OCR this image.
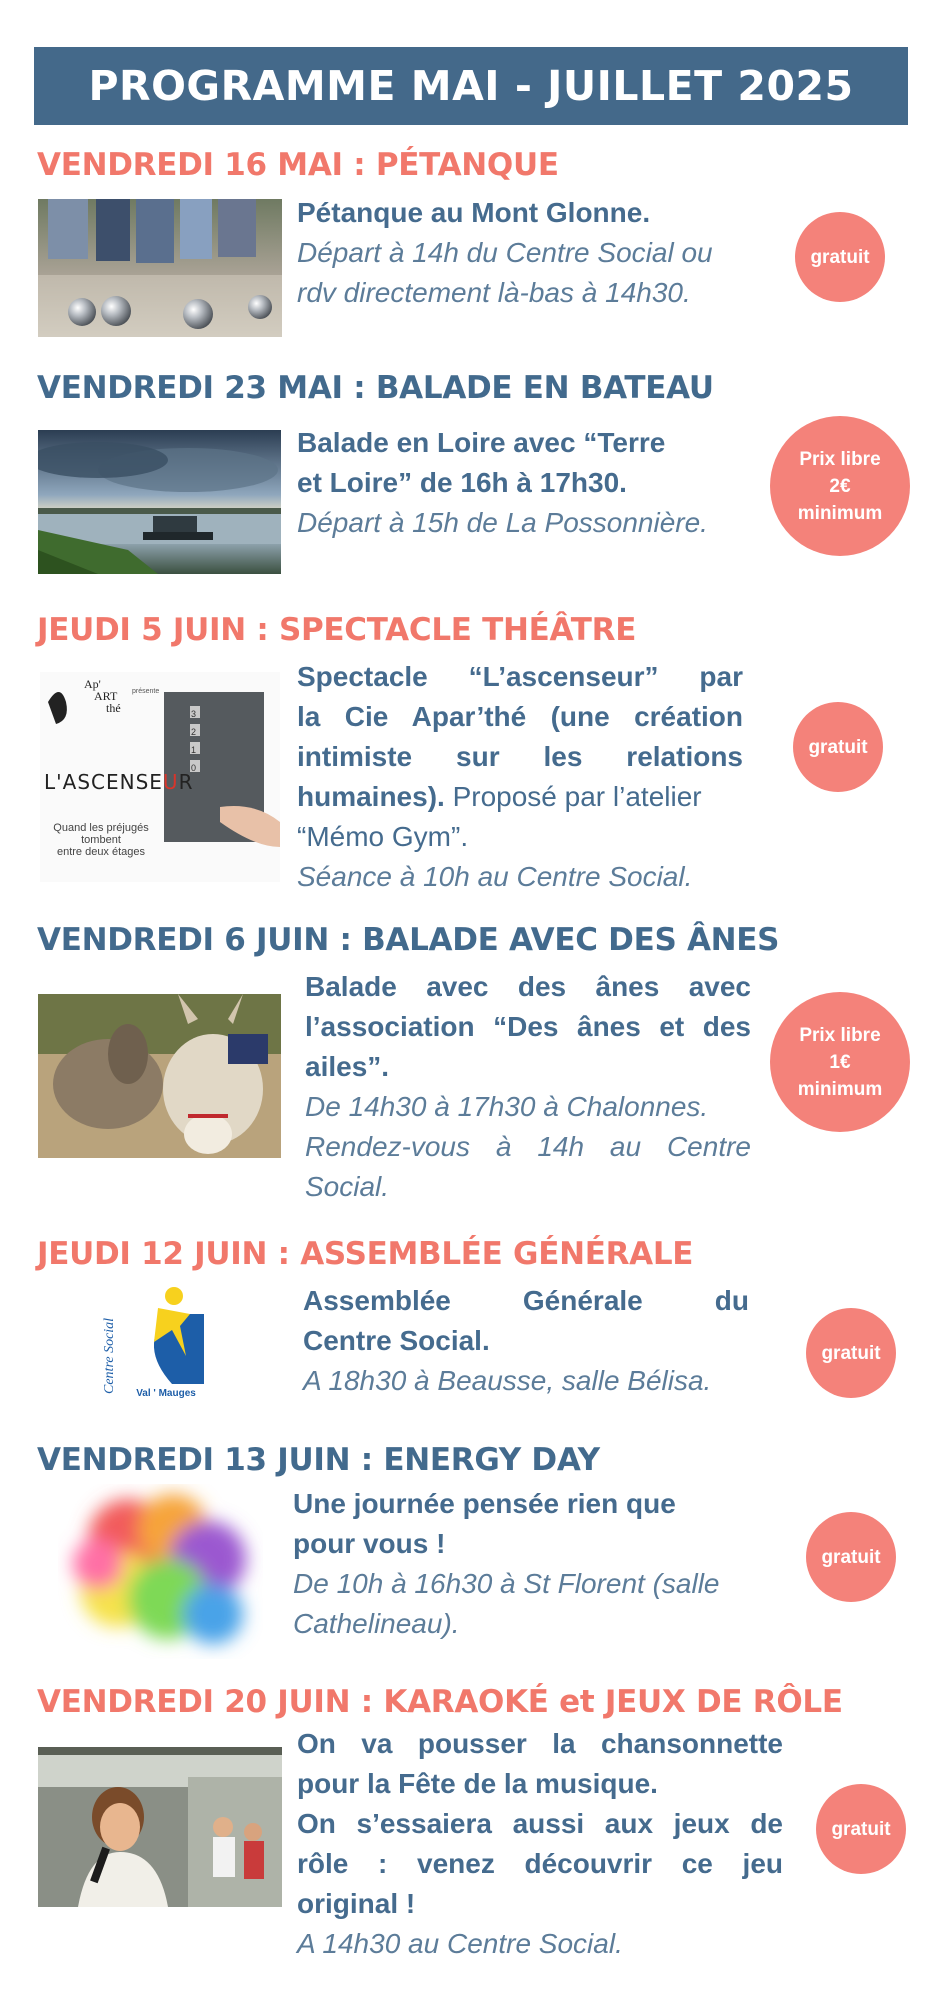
PROGRAMME MAI - JUILLET 2025
VENDREDI 16 MAI : PÉTANQUE
Pétanque au Mont Glonne.
Départ à 14h du Centre Social ou
rdv directement là-bas à 14h30.
gratuit
VENDREDI 23 MAI : BALADE EN BATEAU
Balade en Loire avec “Terre
et Loire” de 16h à 17h30.
Départ à 15h de La Possonnière.
Prix libre
2€
minimum
JEUDI 5 JUIN : SPECTACLE THÉÂTRE
Ap'
ART
thé
présente
L'ASCENSEUR
Quand les préjugés
tombent
entre deux étages
3
2
1
0
Spectacle “L’ascenseur” par
la Cie Apar’thé (une création
intimiste sur les relations
humaines). Proposé par l’atelier
“Mémo Gym”.
Séance à 10h au Centre Social.
gratuit
VENDREDI 6 JUIN : BALADE AVEC DES ÂNES
Balade avec des ânes avec
l’association “Des ânes et des
ailes”.
De 14h30 à 17h30 à Chalonnes.
Rendez-vous à 14h au Centre
Social.
Prix libre
1€
minimum
JEUDI 12 JUIN : ASSEMBLÉE GÉNÉRALE
Centre Social	Val ' Mauges
Assemblée Générale du
Centre Social.
A 18h30 à Beausse, salle Bélisa.
gratuit
VENDREDI 13 JUIN : ENERGY DAY
Une journée pensée rien que
pour vous !
De 10h à 16h30 à St Florent (salle
Cathelineau).
gratuit
VENDREDI 20 JUIN : KARAOKÉ et JEUX DE RÔLE
On va pousser la chansonnette
pour la Fête de la musique.
On s’essaiera aussi aux jeux de
rôle : venez découvrir ce jeu
original !
A 14h30 au Centre Social.
gratuit
